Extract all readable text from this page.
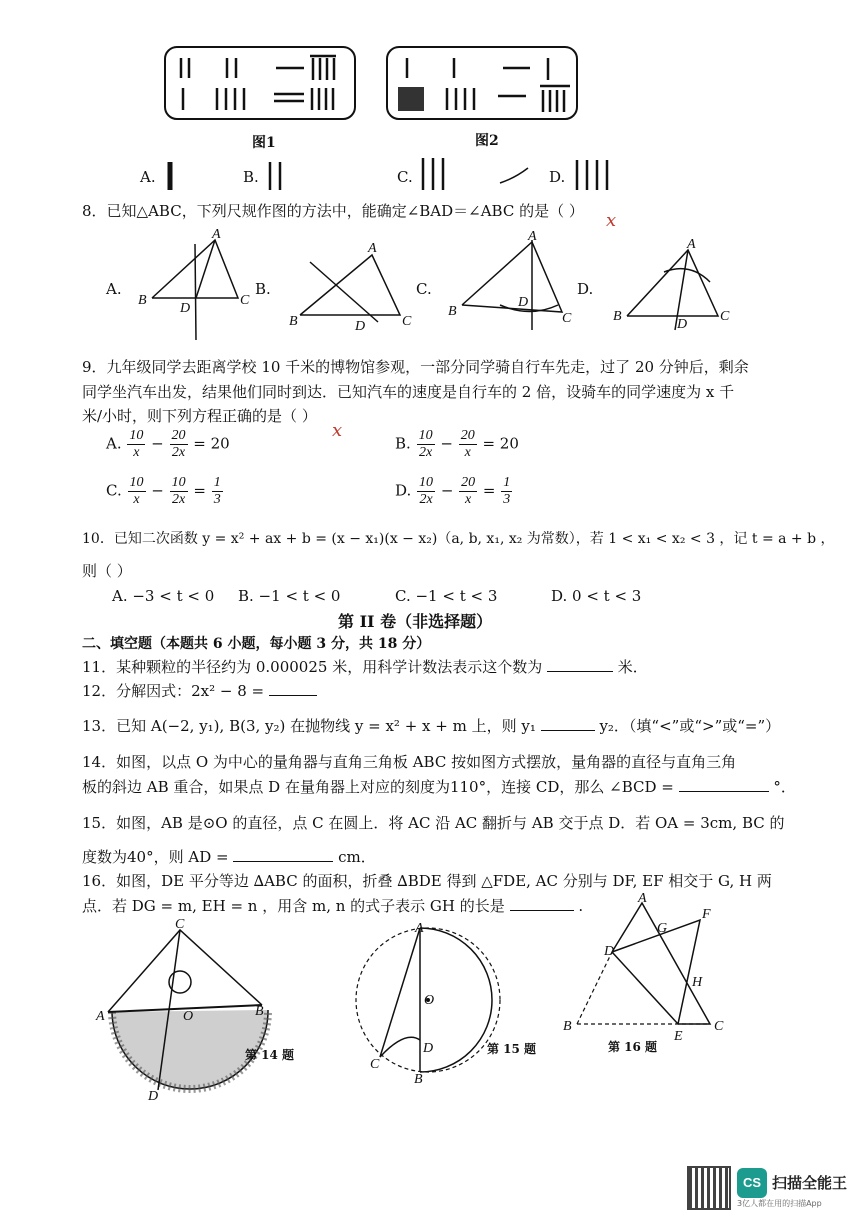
图1	图2
A.	B.	C.	D.
8．已知△ABC，下列尺规作图的方法中，能确定∠BAD＝∠ABC 的是（ ） x
A.	B.	C.	D.
A
B	C
D
A
B	C
D
A
B	C
D
A
B	C
D
9．九年级同学去距离学校 10 千米的博物馆参观，一部分同学骑自行车先走，过了 20 分钟后，剩余
同学坐汽车出发，结果他们同时到达．已知汽车的速度是自行车的 2 倍，设骑车的同学速度为 x 千
米/小时，则下列方程正确的是（ ）
x
A. $\frac{10}{x} - \frac{20}{2x} = 20$	B. $\frac{10}{2x} - \frac{20}{x} = 20$
C. $\frac{10}{x} - \frac{10}{2x} = \frac{1}{3}$	D. $\frac{10}{2x} - \frac{20}{x} = \frac{1}{3}$
10．已知二次函数 y = x² + ax + b = (x − x₁)(x − x₂)（a, b, x₁, x₂ 为常数），若 1 < x₁ < x₂ < 3 ，记 t = a + b ，
则（ ）
A. −3 < t < 0 B. −1 < t < 0	C. −1 < t < 3	D. 0 < t < 3
第 II 卷（非选择题）
二、填空题（本题共 6 小题，每小题 3 分，共 18 分）
11．某种颗粒的半径约为 0.000025 米，用科学计数法表示这个数为	米．
12．分解因式：2x² − 8 =
13．已知 A(−2, y₁), B(3, y₂) 在抛物线 y = x² + x + m 上，则 y₁	y₂．（填“<”或“>”或“=”）
14．如图，以点 O 为中心的量角器与直角三角板 ABC 按如图方式摆放，量角器的直径与直角三角
板的斜边 AB 重合，如果点 D 在量角器上对应的刻度为110°，连接 CD，那么 ∠BCD =	°．
15．如图，AB 是⊙O 的直径，点 C 在圆上．将 AC 沿 AC 翻折与 AB 交于点 D．若 OA = 3cm, BC 的
度数为40°，则 AD =	cm．
16．如图，DE 平分等边 ∆ABC 的面积，折叠 ∆BDE 得到 △FDE, AC 分别与 DF, EF 相交于 G, H 两
点．若 DG = m, EH = n ，用含 m, n 的式子表示 GH 的长是	.
C
A	B
O
D
第 14 题
A
O
D
C
B
第 15 题
A
F
G
D
H
B
E
C
第 16 题
CS 扫描全能王
3亿人都在用的扫描App
